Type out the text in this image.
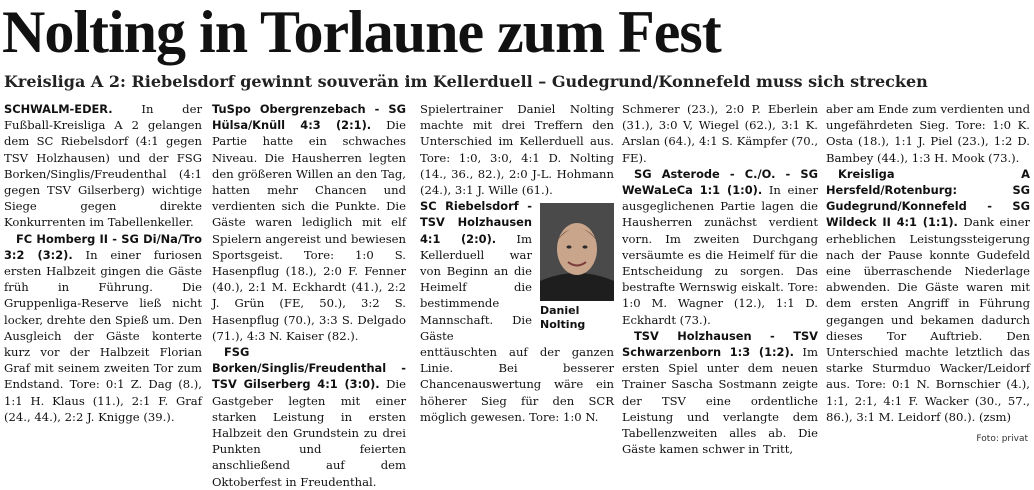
Nolting in Torlaune zum Fest
Kreisliga A 2: Riebelsdorf gewinnt souverän im Kellerduell – Gudegrund/Konnefeld muss sich strecken

SCHWALM-EDER. In der Fußball-Kreisliga A 2 gelangen dem SC Riebelsdorf (4:1 gegen TSV Holzhausen) und der FSG Borken/Singlis/Freudenthal (4:1 gegen TSV Gilserberg) wichtige Siege gegen direkte Konkurrenten im Tabellenkeller.

FC Homberg II - SG Di/Na/Tro 3:2 (3:2). In einer furiosen ersten Halbzeit gingen die Gäste früh in Führung. Die Gruppenliga-Reserve ließ nicht locker, drehte den Spieß um. Den Ausgleich der Gäste konterte kurz vor der Halbzeit Florian Graf mit seinem zweiten Tor zum Endstand. Tore: 0:1 Z. Dag (8.), 1:1 H. Klaus (11.), 2:1 F. Graf (24., 44.), 2:2 J. Knigge (39.).

TuSpo Obergrenzebach - SG Hülsa/Knüll 4:3 (2:1). Die Partie hatte ein schwaches Niveau. Die Hausherren legten den größeren Willen an den Tag, hatten mehr Chancen und verdienten sich die Punkte. Die Gäste waren lediglich mit elf Spielern angereist und bewiesen Sportsgeist. Tore: 1:0 S. Hasenpflug (18.), 2:0 F. Fenner (40.), 2:1 M. Eckhardt (41.), 2:2 J. Grün (FE, 50.), 3:2 S. Hasenpflug (70.), 3:3 S. Delgado (71.), 4:3 N. Kaiser (82.).

FSG Borken/Singlis/Freudenthal - TSV Gilserberg 4:1 (3:0). Die Gastgeber legten mit einer starken Leistung in ersten Halbzeit den Grundstein zu drei Punkten und feierten anschließend auf dem Oktoberfest in Freudenthal.

Spielertrainer Daniel Nolting machte mit drei Treffern den Unterschied im Kellerduell aus. Tore: 1:0, 3:0, 4:1 D. Nolting (14., 36., 82.), 2:0 J-L. Hohmann (24.), 3:1 J. Wille (61.).

Daniel Nolting

SC Riebelsdorf - TSV Holzhausen 4:1 (2:0). Im Kellerduell war von Beginn an die Heimelf die bestimmende Mannschaft. Die Gäste enttäuschten auf der ganzen Linie. Bei besserer Chancenauswertung wäre ein höherer Sieg für den SCR möglich gewesen. Tore: 1:0 N.

Schmerer (23.), 2:0 P. Eberlein (31.), 3:0 V, Wiegel (62.), 3:1 K. Arslan (64.), 4:1 S. Kämpfer (70., FE).

SG Asterode - C./O. - SG WeWaLeCa 1:1 (1:0). In einer ausgeglichenen Partie lagen die Hausherren zunächst verdient vorn. Im zweiten Durchgang versäumte es die Heimelf für die Entscheidung zu sorgen. Das bestrafte Wernswig eiskalt. Tore: 1:0 M. Wagner (12.), 1:1 D. Eckhardt (73.).

TSV Holzhausen - TSV Schwarzenborn 1:3 (1:2). Im ersten Spiel unter dem neuen Trainer Sascha Sostmann zeigte der TSV eine ordentliche Leistung und verlangte dem Tabellenzweiten alles ab. Die Gäste kamen schwer in Tritt,

aber am Ende zum verdienten und ungefährdeten Sieg. Tore: 1:0 K. Osta (18.), 1:1 J. Piel (23.), 1:2 D. Bambey (44.), 1:3 H. Mook (73.).

Kreisliga A Hersfeld/Rotenburg: SG Gudegrund/Konnefeld - SG Wildeck II 4:1 (1:1). Dank einer erheblichen Leistungssteigerung nach der Pause konnte Gudefeld eine überraschende Niederlage abwenden. Die Gäste waren mit dem ersten Angriff in Führung gegangen und bekamen dadurch dieses Tor Auftrieb. Den Unterschied machte letztlich das starke Sturmduo Wacker/Leidorf aus. Tore: 0:1 N. Bornschier (4.), 1:1, 2:1, 4:1 F. Wacker (30., 57., 86.), 3:1 M. Leidorf (80.). (zsm)

Foto: privat
